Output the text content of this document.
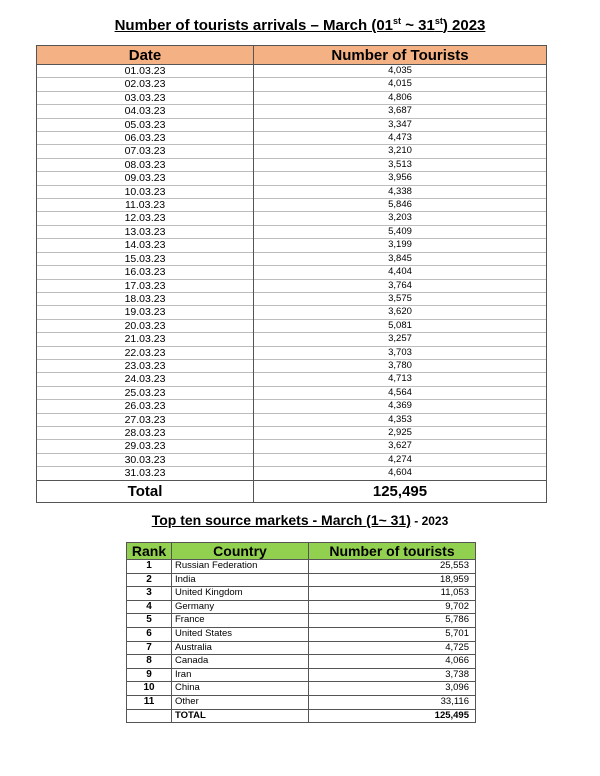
Number of tourists arrivals – March (01st ~ 31st) 2023
Date	Number of Tourists
01.03.23	4,035
02.03.23	4,015
03.03.23	4,806
04.03.23	3,687
05.03.23	3,347
06.03.23	4,473
07.03.23	3,210
08.03.23	3,513
09.03.23	3,956
10.03.23	4,338
11.03.23	5,846
12.03.23	3,203
13.03.23	5,409
14.03.23	3,199
15.03.23	3,845
16.03.23	4,404
17.03.23	3,764
18.03.23	3,575
19.03.23	3,620
20.03.23	5,081
21.03.23	3,257
22.03.23	3,703
23.03.23	3,780
24.03.23	4,713
25.03.23	4,564
26.03.23	4,369
27.03.23	4,353
28.03.23	2,925
29.03.23	3,627
30.03.23	4,274
31.03.23	4,604
Total	125,495
Top ten source markets - March (1~ 31) - 2023
Rank	Country	Number of tourists
1	Russian Federation	25,553
2	India	18,959
3	United Kingdom	11,053
4	Germany	9,702
5	France	5,786
6	United States	5,701
7	Australia	4,725
8	Canada	4,066
9	Iran	3,738
10	China	3,096
11	Other	33,116
	TOTAL	125,495
